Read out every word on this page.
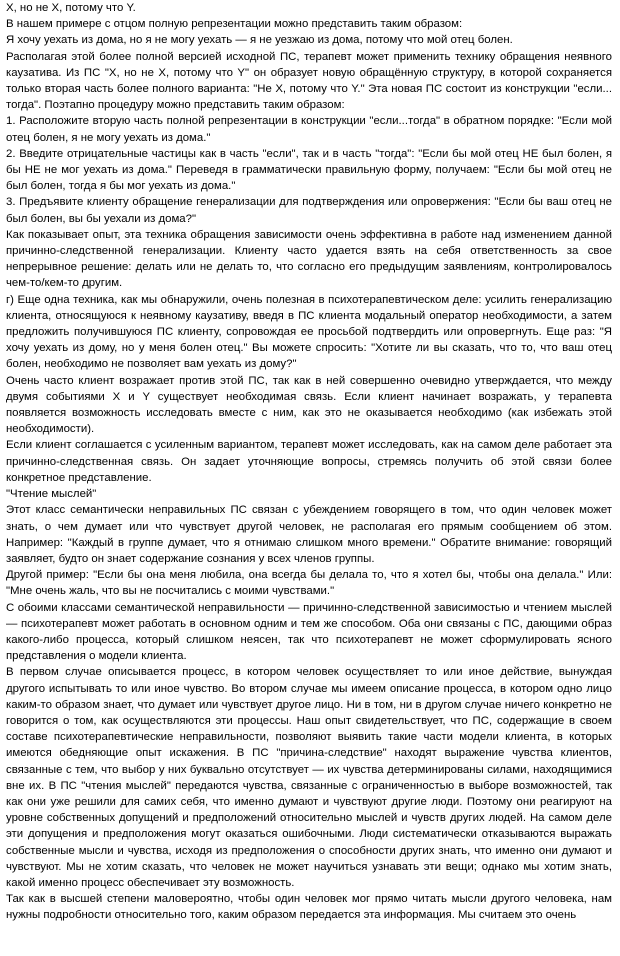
X, но не X, потому что Y.

В нашем примере с отцом полную репрезентации можно представить таким образом:

Я хочу уехать из дома, но я не могу уехать — я не уезжаю из дома, потому что мой отец болен.

Располагая этой более полной версией исходной ПС, терапевт может применить технику обращения неявного каузатива. Из ПС "X, но не X, потому что Y" он образует новую обращённую структуру, в которой сохраняется только вторая часть более полного варианта: "Не X, потому что Y." Эта новая ПС состоит из конструкции "если... тогда". Поэтапно процедуру можно представить таким образом:

1. Расположите вторую часть полной репрезентации в конструкции "если...тогда" в обратном порядке: "Если мой отец болен, я не могу уехать из дома."

2. Введите отрицательные частицы как в часть "если", так и в часть "тогда": "Если бы мой отец НЕ был болен, я бы НЕ не мог уехать из дома." Переведя в грамматически правильную форму, получаем: "Если бы мой отец не был болен, тогда я бы мог уехать из дома."

3. Предъявите клиенту обращение генерализации для подтверждения или опровержения: "Если бы ваш отец не был болен, вы бы уехали из дома?"

Как показывает опыт, эта техника обращения зависимости очень эффективна в работе над изменением данной причинно-следственной генерализации. Клиенту часто удается взять на себя ответственность за свое непрерывное решение: делать или не делать то, что согласно его предыдущим заявлениям, контролировалось чем-то/кем-то другим.

г) Еще одна техника, как мы обнаружили, очень полезная в психотерапевтическом деле: усилить генерализацию клиента, относящуюся к неявному каузативу, введя в ПС клиента модальный оператор необходимости, а затем предложить получившуюся ПС клиенту, сопровождая ее просьбой подтвердить или опровергнуть. Еще раз: "Я хочу уехать из дому, но у меня болен отец." Вы можете спросить: "Хотите ли вы сказать, что то, что ваш отец болен, необходимо не позволяет вам уехать из дому?"

Очень часто клиент возражает против этой ПС, так как в ней совершенно очевидно утверждается, что между двумя событиями X и Y существует необходимая связь. Если клиент начинает возражать, у терапевта появляется возможность исследовать вместе с ним, как это не оказывается необходимо (как избежать этой необходимости).

Если клиент соглашается с усиленным вариантом, терапевт может исследовать, как на самом деле работает эта причинно-следственная связь. Он задает уточняющие вопросы, стремясь получить об этой связи более конкретное представление.

"Чтение мыслей"

Этот класс семантически неправильных ПС связан с убеждением говорящего в том, что один человек может знать, о чем думает или что чувствует другой человек, не располагая его прямым сообщением об этом. Например: "Каждый в группе думает, что я отнимаю слишком много времени." Обратите внимание: говорящий заявляет, будто он знает содержание сознания у всех членов группы.

Другой пример: "Если бы она меня любила, она всегда бы делала то, что я хотел бы, чтобы она делала." Или: "Мне очень жаль, что вы не посчитались с моими чувствами."

С обоими классами семантической неправильности — причинно-следственной зависимостью и чтением мыслей — психотерапевт может работать в основном одним и тем же способом. Оба они связаны с ПС, дающими образ какого-либо процесса, который слишком неясен, так что психотерапевт не может сформулировать ясного представления о модели клиента.

В первом случае описывается процесс, в котором человек осуществляет то или иное действие, вынуждая другого испытывать то или иное чувство. Во втором случае мы имеем описание процесса, в котором одно лицо каким-то образом знает, что думает или чувствует другое лицо. Ни в том, ни в другом случае ничего конкретно не говорится о том, как осуществляются эти процессы. Наш опыт свидетельствует, что ПС, содержащие в своем составе психотерапевтические неправильности, позволяют выявить такие части модели клиента, в которых имеются обедняющие опыт искажения. В ПС "причина-следствие" находят выражение чувства клиентов, связанные с тем, что выбор у них буквально отсутствует — их чувства детерминированы силами, находящимися вне их. В ПС "чтения мыслей" передаются чувства, связанные с ограниченностью в выборе возможностей, так как они уже решили для самих себя, что именно думают и чувствуют другие люди. Поэтому они реагируют на уровне собственных допущений и предположений относительно мыслей и чувств других людей. На самом деле эти допущения и предположения могут оказаться ошибочными. Люди систематически отказываются выражать собственные мысли и чувства, исходя из предположения о способности других знать, что именно они думают и чувствуют. Мы не хотим сказать, что человек не может научиться узнавать эти вещи; однако мы хотим знать, какой именно процесс обеспечивает эту возможность.

Так как в высшей степени маловероятно, чтобы один человек мог прямо читать мысли другого человека, нам нужны подробности относительно того, каким образом передается эта информация. Мы считаем это очень
